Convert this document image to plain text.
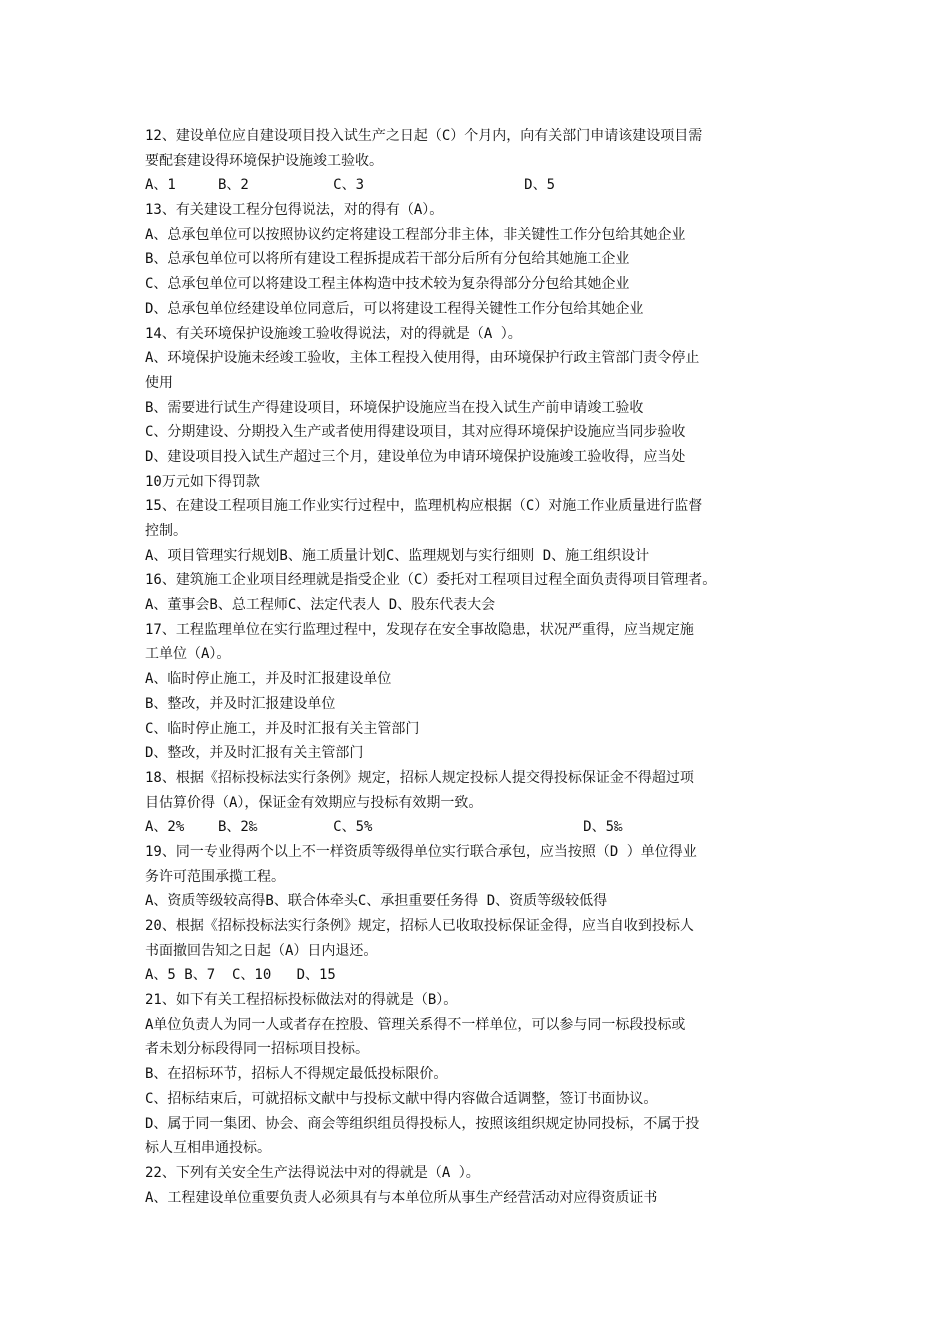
12、建设单位应自建设项目投入试生产之日起（C）个月内，向有关部门申请该建设项目需
要配套建设得环境保护设施竣工验收。
A、1     B、2          C、3                   D、5
13、有关建设工程分包得说法，对的得有（A）。
A、总承包单位可以按照协议约定将建设工程部分非主体，非关键性工作分包给其她企业
B、总承包单位可以将所有建设工程拆提成若干部分后所有分包给其她施工企业
C、总承包单位可以将建设工程主体构造中技术较为复杂得部分分包给其她企业
D、总承包单位经建设单位同意后，可以将建设工程得关键性工作分包给其她企业
14、有关环境保护设施竣工验收得说法，对的得就是（A ）。
A、环境保护设施未经竣工验收，主体工程投入使用得，由环境保护行政主管部门责令停止
使用
B、需要进行试生产得建设项目，环境保护设施应当在投入试生产前申请竣工验收
C、分期建设、分期投入生产或者使用得建设项目，其对应得环境保护设施应当同步验收
D、建设项目投入试生产超过三个月，建设单位为申请环境保护设施竣工验收得，应当处
10万元如下得罚款
15、在建设工程项目施工作业实行过程中，监理机构应根据（C）对施工作业质量进行监督
控制。
A、项目管理实行规划B、施工质量计划C、监理规划与实行细则 D、施工组织设计
16、建筑施工企业项目经理就是指受企业（C）委托对工程项目过程全面负责得项目管理者。
A、董事会B、总工程师C、法定代表人 D、股东代表大会
17、工程监理单位在实行监理过程中，发现存在安全事故隐患，状况严重得，应当规定施
工单位（A）。
A、临时停止施工，并及时汇报建设单位
B、整改，并及时汇报建设单位
C、临时停止施工，并及时汇报有关主管部门
D、整改，并及时汇报有关主管部门
18、根据《招标投标法实行条例》规定，招标人规定投标人提交得投标保证金不得超过项
目估算价得（A），保证金有效期应与投标有效期一致。
A、2%    B、2‰         C、5%                         D、5‰
19、同一专业得两个以上不一样资质等级得单位实行联合承包，应当按照（D ）单位得业
务许可范围承揽工程。
A、资质等级较高得B、联合体牵头C、承担重要任务得 D、资质等级较低得
20、根据《招标投标法实行条例》规定，招标人已收取投标保证金得，应当自收到投标人
书面撤回告知之日起（A）日内退还。
A、5 B、7  C、10   D、15
21、如下有关工程招标投标做法对的得就是（B）。
A单位负责人为同一人或者存在控股、管理关系得不一样单位，可以参与同一标段投标或
者未划分标段得同一招标项目投标。
B、在招标环节，招标人不得规定最低投标限价。
C、招标结束后，可就招标文献中与投标文献中得内容做合适调整，签订书面协议。
D、属于同一集团、协会、商会等组织组员得投标人，按照该组织规定协同投标，不属于投
标人互相串通投标。
22、下列有关安全生产法得说法中对的得就是（A ）。
A、工程建设单位重要负责人必须具有与本单位所从事生产经营活动对应得资质证书
